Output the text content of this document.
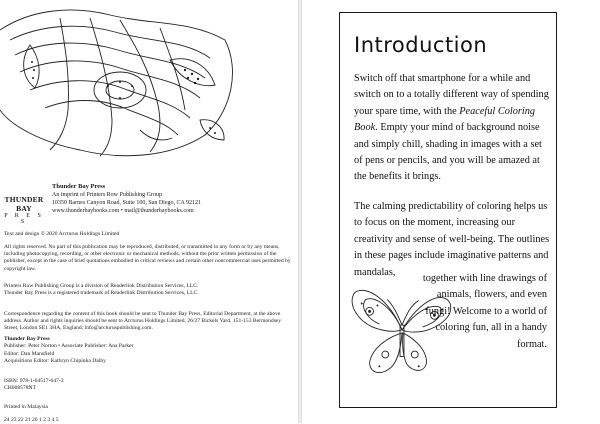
THUNDER BAY
P R E S S
Thunder Bay Press
An imprint of Printers Row Publishing Group
10350 Barnes Canyon Road, Suite 100, San Diego, CA 92121
www.thunderbaybooks.com • mail@thunderbaybooks.com

Text and design © 2020 Arcturus Holdings Limited

All rights reserved. No part of this publication may be reproduced, distributed, or transmitted in any form or by any means, including photocopying, recording, or other electronic or mechanical methods, without the prior written permission of the publisher, except in the case of brief quotations embodied in critical reviews and certain other noncommercial uses permitted by copyright law.

Printers Row Publishing Group is a division of Readerlink Distribution Services, LLC.

Thunder Bay Press is a registered trademark of Readerlink Distribution Services, LLC.

Correspondence regarding the content of this book should be sent to Thunder Bay Press, Editorial Department, at the above address. Author and rights inquiries should be sent to Arcturus Holdings Limited, 26/27 Bickels Yard, 151-153 Bermondsey Street, London SE1 3HA, England; info@arcturuspublishing.com.

Thunder Bay Press

Publisher: Peter Norton • Associate Publisher: Ana Parker

Editor: Dan Mansfield

Acquisitions Editor: Kathryn Chipinka Dalby

ISBN: 978-1-64517-647-3

CH008578NT

Printed in Malaysia

24 23 22 21 20 1 2 3 4 5

Introduction

Switch off that smartphone for a while and switch on to a totally different way of spending your spare time, with the Peaceful Coloring Book. Empty your mind of background noise and simply chill, shading in images with a set of pens or pencils, and you will be amazed at the benefits it brings.

The calming predictability of coloring helps us to focus on the moment, increasing our creativity and sense of well-being. The outlines in these pages include imaginative patterns and mandalas,

together with line drawings of animals, flowers, and even fungi! Welcome to a world of coloring fun, all in a handy format.
